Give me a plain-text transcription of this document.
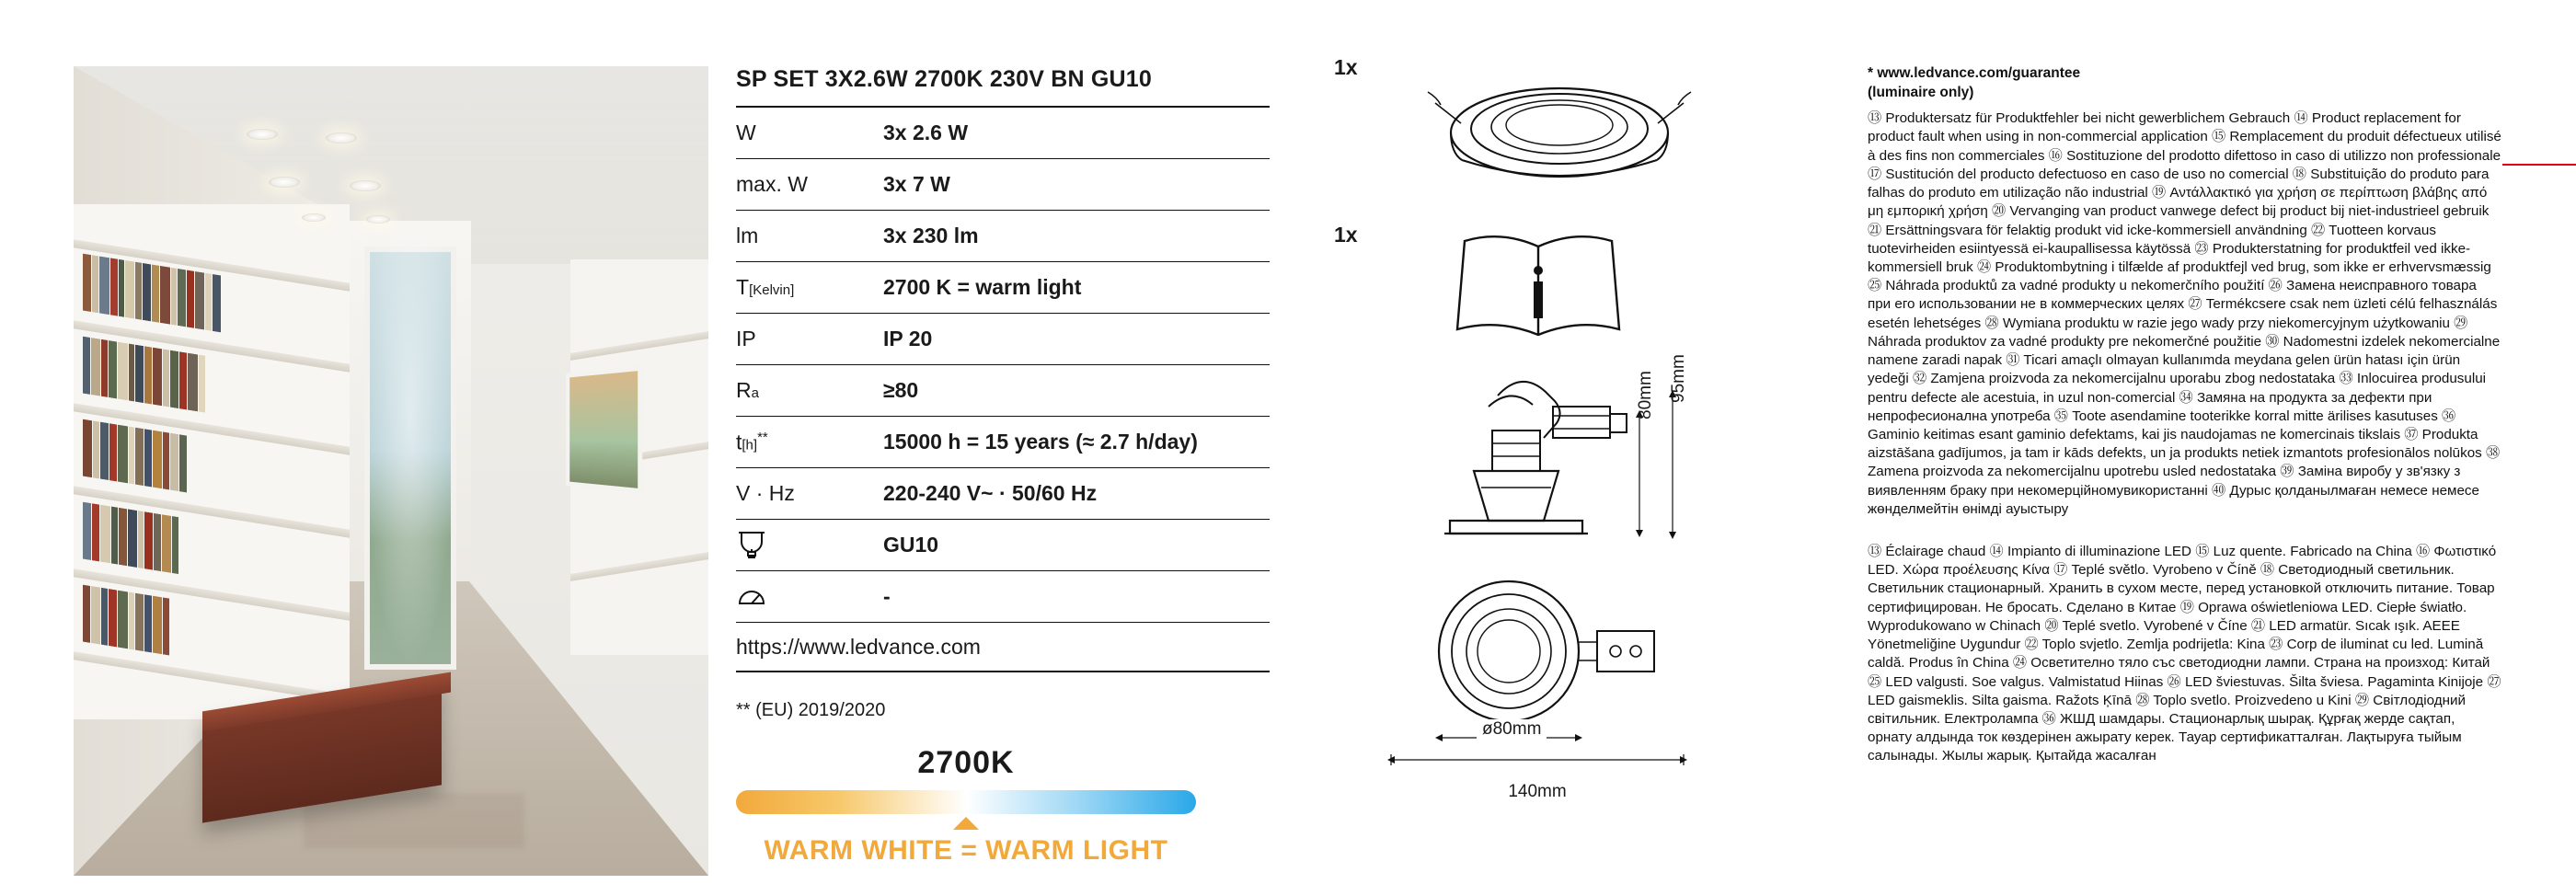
SP SET 3X2.6W 2700K 230V BN GU10
W	3x 2.6 W
max. W	3x 7 W
lm	3x 230 lm
T[Kelvin]	2700 K = warm light
IP	IP 20
Ra	≥80
t[h]**	15000 h = 15 years (≈ 2.7 h/day)
V · Hz	220-240 V~ · 50/60 Hz
GU10
-
https://www.ledvance.com
** (EU) 2019/2020
2700K
WARM WHITE = WARM LIGHT
1x
1x
80mm 95mm
ø80mm
140mm
* www.ledvance.com/guarantee
(luminaire only)

⑬ Produktersatz für Produktfehler bei nicht gewerblichem Gebrauch ⑭ Product replacement for product fault when using in non-commercial application ⑮ Remplacement du produit défectueux utilisé à des fins non commerciales ⑯ Sostituzione del prodotto difettoso in caso di utilizzo non professionale ⑰ Sustitución del producto defectuoso en caso de uso no comercial ⑱ Substituição do produto para falhas do produto em utilização não industrial ⑲ Αντάλλακτικό για χρήση σε περίπτωση βλάβης από μη εμπορική χρήση ⑳ Vervanging van product vanwege defect bij product bij niet-industrieel gebruik ㉑ Ersättningsvara för felaktig produkt vid icke-kommersiell användning ㉒ Tuotteen korvaus tuotevirheiden esiintyessä ei-kaupallisessa käytössä ㉓ Produkterstatning for produktfeil ved ikke-kommersiell bruk ㉔ Produktombytning i tilfælde af produktfejl ved brug, som ikke er erhvervsmæssig ㉕ Náhrada produktů za vadné produkty u nekomerčního použití ㉖ Замена неисправного товара при его использовании не в коммерческих целях ㉗ Termékcsere csak nem üzleti célú felhasználás esetén lehetséges ㉘ Wymiana produktu w razie jego wady przy niekomercyjnym użytkowaniu ㉙ Náhrada produktov za vadné produkty pre nekomerčné použitie ㉚ Nadomestni izdelek nekomercialne namene zaradi napak ㉛ Ticari amaçlı olmayan kullanımda meydana gelen ürün hatası için ürün yedeği ㉜ Zamjena proizvoda za nekomercijalnu uporabu zbog nedostataka ㉝ Inlocuirea produsului pentru defecte ale acestuia, in uzul non-comercial ㉞ Замяна на продукта за дефекти при непрофесионална употреба ㉟ Toote asendamine tooterikke korral mitte ärilises kasutuses ㊱ Gaminio keitimas esant gaminio defektams, kai jis naudojamas ne komercinais tikslais ㊲ Produkta aizstāšana gadījumos, ja tam ir kāds defekts, un ja produkts netiek izmantots profesionālos nolūkos ㊳ Zamena proizvoda za nekomercijalnu upotrebu usled nedostataka ㊴ Заміна виробу у зв'язку з виявленням браку при некомерційномувикористанні ㊵ Дурыс қолданылмаған немесе немесе жөнделмейтін өнімді ауыстыру

⑬ Éclairage chaud ⑭ Impianto di illuminazione LED ⑮ Luz quente. Fabricado na China ⑯ Φωτιστικό LED. Χώρα προέλευσης Κίνα ⑰ Teplé světlo. Vyrobeno v Číně ⑱ Светодиодный светильник. Светильник стационарный. Хранить в сухом месте, перед установкой отключить питание. Товар сертифицирован. Не бросать. Сделано в Китае ⑲ Oprawa oświetleniowa LED. Ciepłe światło. Wyprodukowano w Chinach ⑳ Teplé svetlo. Vyrobené v Číne ㉑ LED armatür. Sıcak ışık. AEEE Yönetmeliğine Uygundur ㉒ Toplo svjetlo. Zemlja podrijetla: Kina ㉓ Corp de iluminat cu led. Lumină caldă. Produs în China ㉔ Осветително тяло със светодиодни лампи. Страна на произход: Китай ㉕ LED valgusti. Soe valgus. Valmistatud Hiinas ㉖ LED šviestuvas. Šilta šviesa. Pagaminta Kinijoje ㉗ LED gaismeklis. Silta gaisma. Ražots Ķīnā ㉘ Toplo svetlo. Proizvedeno u Kini ㉙ Світлодіодний світильник. Електролампа ㊱ ЖШД шамдары. Стационарлық шырақ. Құрғақ жерде сақтап, орнату алдында ток көздерінен ажырату керек. Тауар сертификатталған. Лақтыруға тыйым салынады. Жылы жарық. Қытайда жасалған
